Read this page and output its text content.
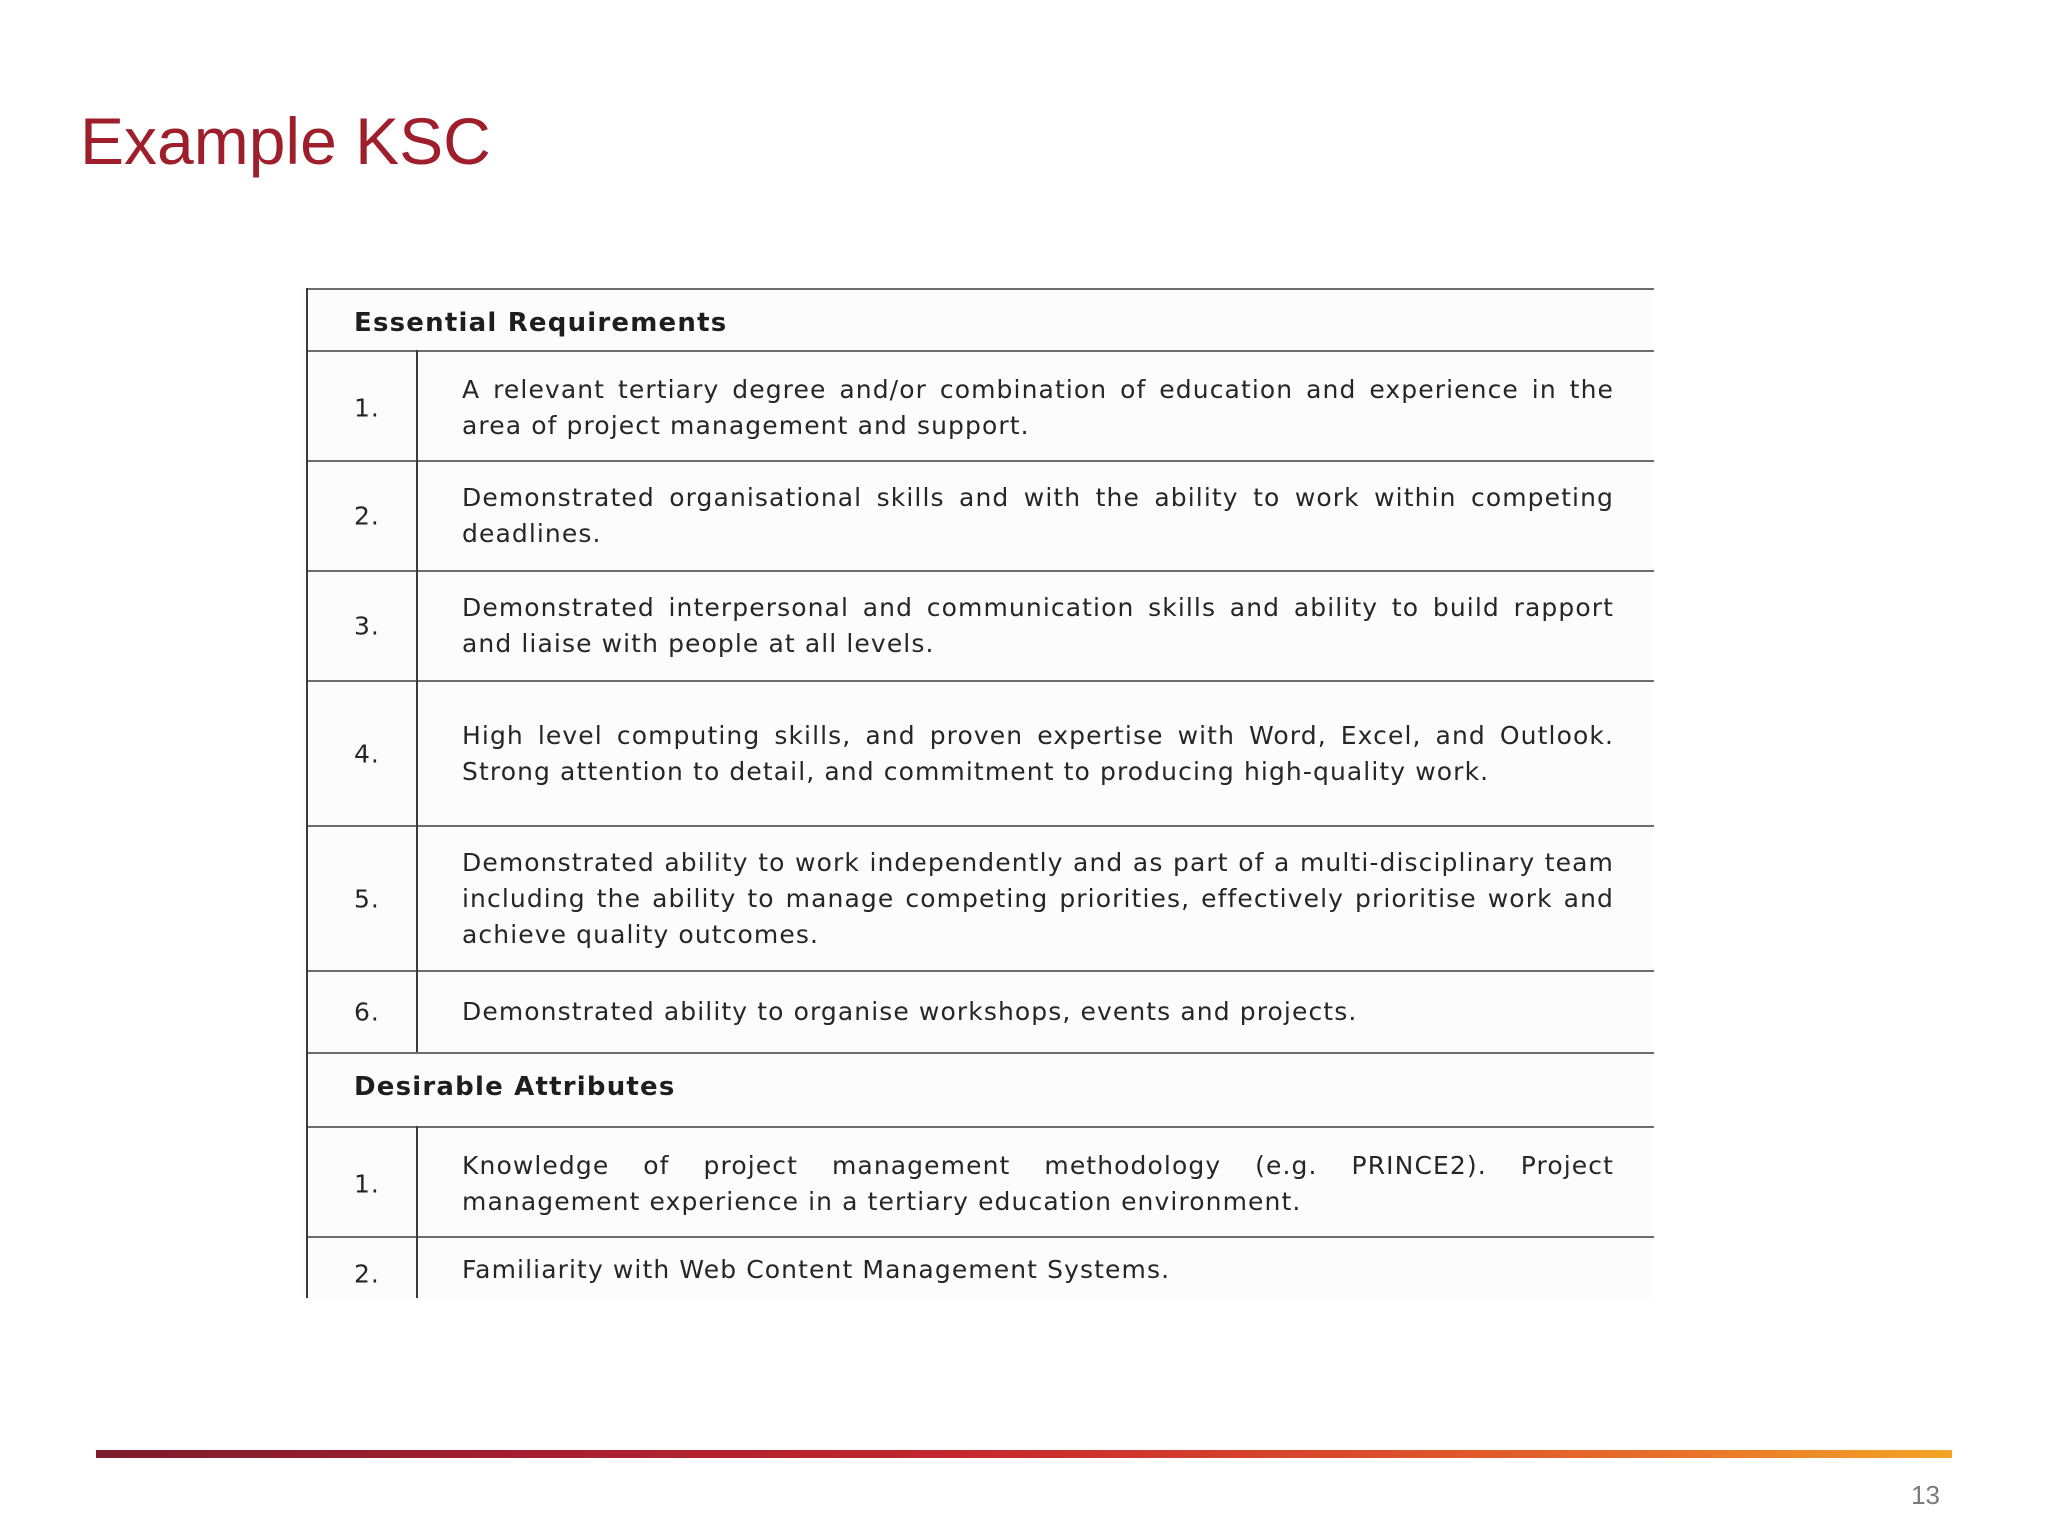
Example KSC
Essential Requirements
1.
A relevant tertiary degree and/or combination of education and experience in the area of project management and support.
2.
Demonstrated organisational skills and with the ability to work within competing deadlines.
3.
Demonstrated interpersonal and communication skills and ability to build rapport and liaise with people at all levels.
4.
High level computing skills, and proven expertise with Word, Excel, and Outlook. Strong attention to detail, and commitment to producing high-quality work.
5.
Demonstrated ability to work independently and as part of a multi-disciplinary team including the ability to manage competing priorities, effectively prioritise work and achieve quality outcomes.
6.	Demonstrated ability to organise workshops, events and projects.
Desirable Attributes
1.
Knowledge of project management methodology (e.g. PRINCE2). Project management experience in a tertiary education environment.
2.	Familiarity with Web Content Management Systems.
13
